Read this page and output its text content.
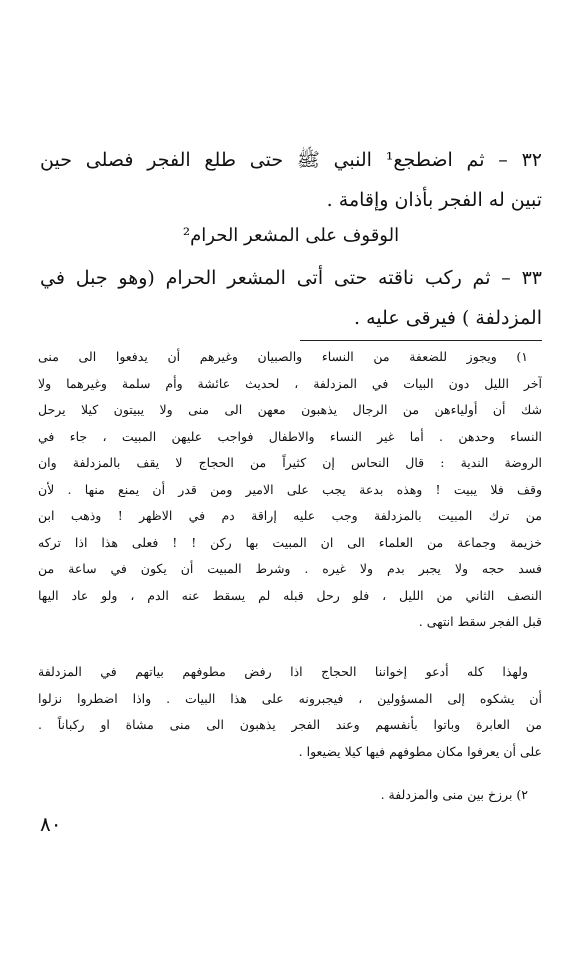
٣٢ – ثم اضطجع¹ النبي ﷺ حتى طلع الفجر فصلى حين
تبين له الفجر بأذان وإقامة .
الوقوف على المشعر الحرام²
٣٣ – ثم ركب ناقته حتى أتى المشعر الحرام (وهو جبل في
المزدلفة ) فيرقى عليه .
١) ويجوز للضعفة من النساء والصبيان وغيرهم أن يدفعوا الى منى
آخر الليل دون البيات في المزدلفة ، لحديث عائشة وأم سلمة وغيرهما ولا
شك أن أولياءهن من الرجال يذهبون معهن الى منى ولا يبيتون كيلا يرحل
النساء وحدهن . أما غير النساء والاطفال فواجب عليهن المبيت ، جاء في
الروضة الندية : قال النحاس إن كثيراً من الحجاج لا يقف بالمزدلفة وان
وقف فلا يبيت ! وهذه بدعة يجب على الامير ومن قدر أن يمنع منها . لأن
من ترك المبيت بالمزدلفة وجب عليه إراقة دم في الاظهر ! وذهب ابن
خزيمة وجماعة من العلماء الى ان المبيت بها ركن ! ! فعلى هذا اذا تركه
فسد حجه ولا يجبر بدم ولا غيره . وشرط المبيت أن يكون في ساعة من
النصف الثاني من الليل ، فلو رحل قبله لم يسقط عنه الدم ، ولو عاد اليها
قبل الفجر سقط انتهى .
ولهذا كله أدعو إخواننا الحجاج اذا رفض مطوفهم بياتهم في المزدلفة
أن يشكوه إلى المسؤولين ، فيجبرونه على هذا البيات . واذا اضطروا نزلوا
من العابرة وباتوا بأنفسهم وعند الفجر يذهبون الى منى مشاة او ركباناً .
على أن يعرفوا مكان مطوفهم فيها كيلا يضيعوا .
٢) برزخ بين منى والمزدلفة .
٨٠
